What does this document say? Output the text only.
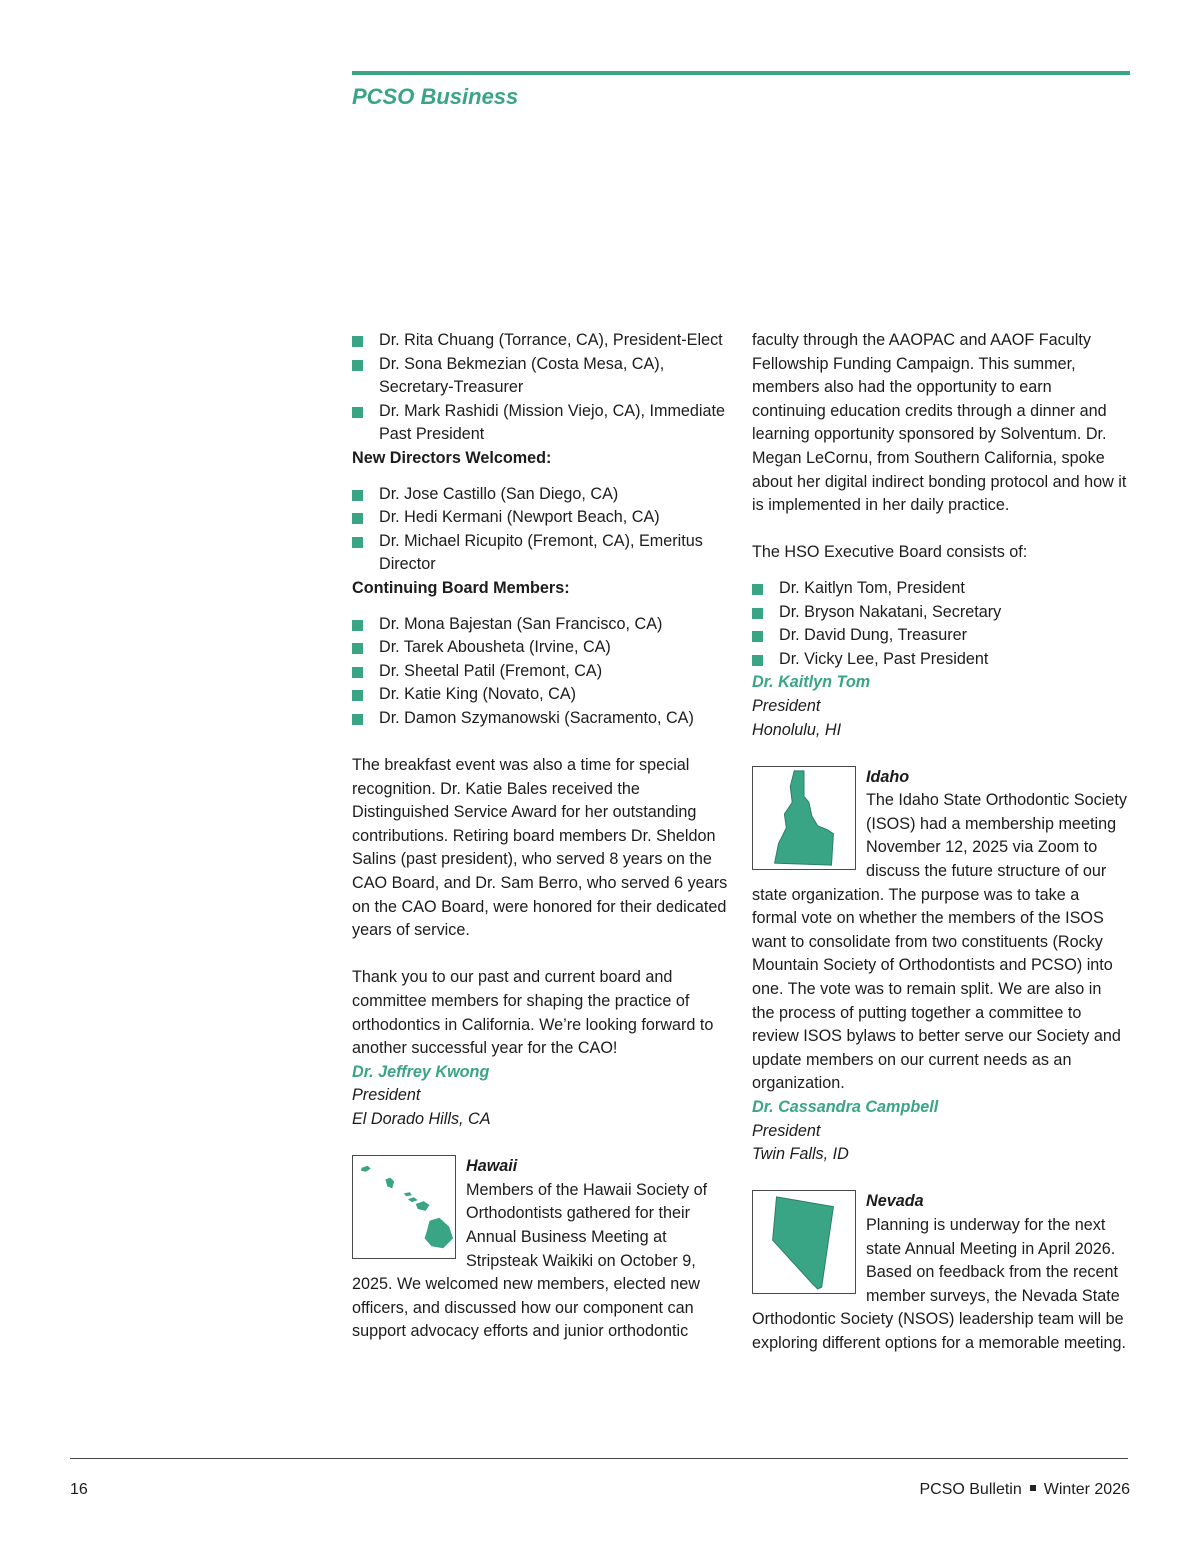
PCSO Business
Dr. Rita Chuang (Torrance, CA), President-Elect
Dr. Sona Bekmezian (Costa Mesa, CA), Secretary-Treasurer
Dr. Mark Rashidi (Mission Viejo, CA), Immediate Past President

New Directors Welcomed:

Dr. Jose Castillo (San Diego, CA)
Dr. Hedi Kermani (Newport Beach, CA)
Dr. Michael Ricupito (Fremont, CA), Emeritus Director

Continuing Board Members:

Dr. Mona Bajestan (San Francisco, CA)
Dr. Tarek Abousheta (Irvine, CA)
Dr. Sheetal Patil (Fremont, CA)
Dr. Katie King (Novato, CA)
Dr. Damon Szymanowski (Sacramento, CA)

The breakfast event was also a time for special recognition. Dr. Katie Bales received the Distinguished Service Award for her outstanding contributions. Retiring board members Dr. Sheldon Salins (past president), who served 8 years on the CAO Board, and Dr. Sam Berro, who served 6 years on the CAO Board, were honored for their dedicated years of service.

Thank you to our past and current board and committee members for shaping the practice of orthodontics in California. We’re looking forward to another successful year for the CAO!

Dr. Jeffrey Kwong

President

El Dorado Hills, CA

Hawaii

Members of the Hawaii Society of Orthodontists gathered for their Annual Business Meeting at Stripsteak Waikiki on October 9, 2025. We welcomed new members, elected new officers, and discussed how our component can support advocacy efforts and junior orthodontic

faculty through the AAOPAC and AAOF Faculty Fellowship Funding Campaign. This summer, members also had the opportunity to earn continuing education credits through a dinner and learning opportunity sponsored by Solventum. Dr. Megan LeCornu, from Southern California, spoke about her digital indirect bonding protocol and how it is implemented in her daily practice.

The HSO Executive Board consists of:

Dr. Kaitlyn Tom, President
Dr. Bryson Nakatani, Secretary
Dr. David Dung, Treasurer
Dr. Vicky Lee, Past President

Dr. Kaitlyn Tom

President

Honolulu, HI

Idaho

The Idaho State Orthodontic Society (ISOS) had a membership meeting November 12, 2025 via Zoom to discuss the future structure of our state organization. The purpose was to take a formal vote on whether the members of the ISOS want to consolidate from two constituents (Rocky Mountain Society of Orthodontists and PCSO) into one. The vote was to remain split. We are also in the process of putting together a committee to review ISOS bylaws to better serve our Society and update members on our current needs as an organization.

Dr. Cassandra Campbell

President

Twin Falls, ID

Nevada

Planning is underway for the next state Annual Meeting in April 2026. Based on feedback from the recent member surveys, the Nevada State Orthodontic Society (NSOS) leadership team will be exploring different options for a memorable meeting.

16	PCSO Bulletin Winter 2026
